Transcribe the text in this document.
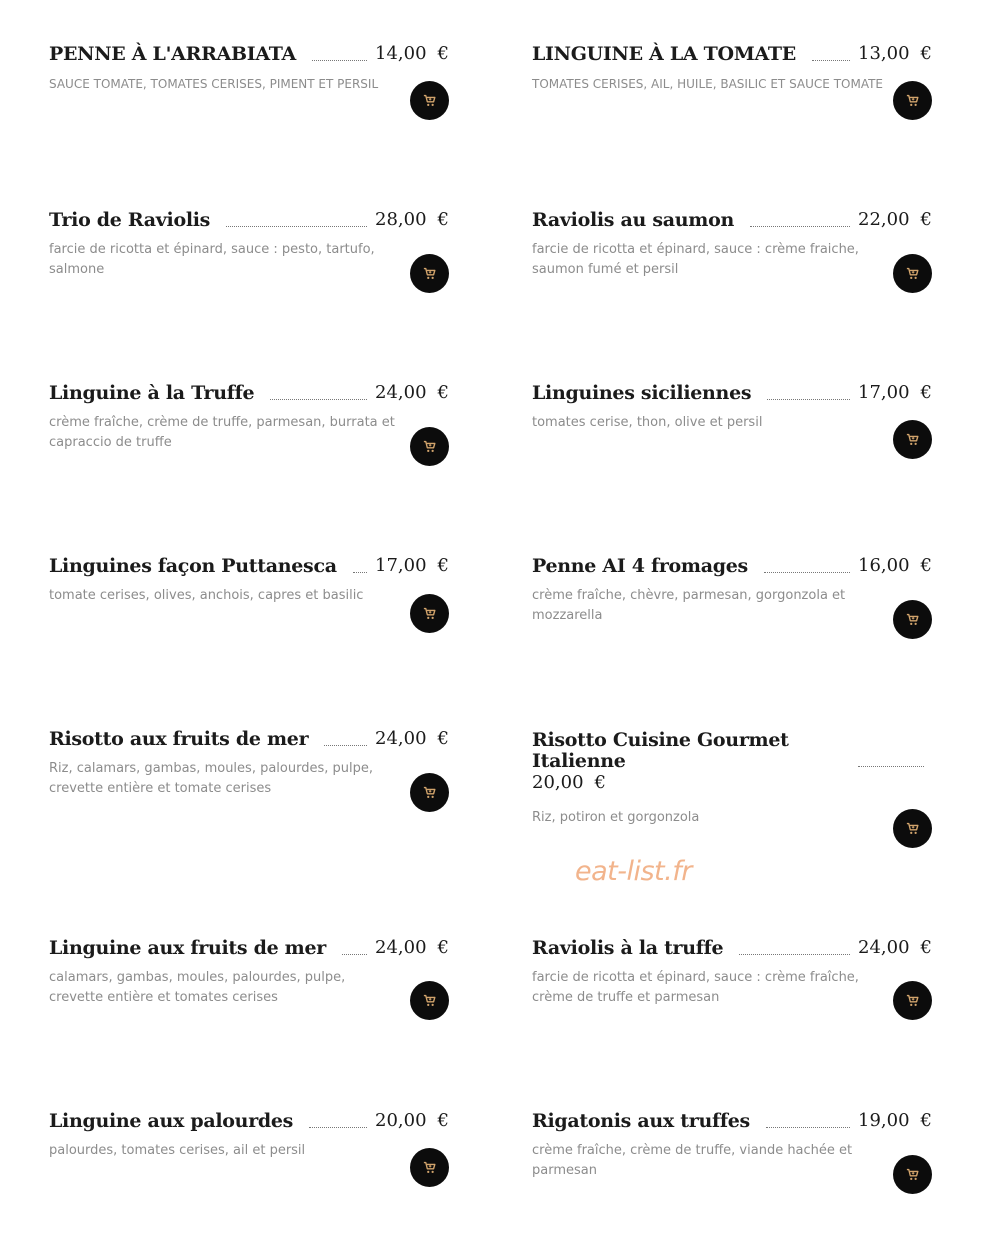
PENNE À L'ARRABIATA	14,00 €
SAUCE TOMATE, TOMATES CERISES, PIMENT ET PERSIL
LINGUINE À LA TOMATE	13,00 €
TOMATES CERISES, AIL, HUILE, BASILIC ET SAUCE TOMATE
Trio de Raviolis	28,00 €
farcie de ricotta et épinard, sauce : pesto, tartufo, salmone
Raviolis au saumon	22,00 €
farcie de ricotta et épinard, sauce : crème fraiche, saumon fumé et persil
Linguine à la Truffe	24,00 €
crème fraîche, crème de truffe, parmesan, burrata et capraccio de truffe
Linguines siciliennes	17,00 €
tomates cerise, thon, olive et persil
Linguines façon Puttanesca 17,00 €
tomate cerises, olives, anchois, capres et basilic
Penne AI 4 fromages	16,00 €
crème fraîche, chèvre, parmesan, gorgonzola et mozzarella
Risotto aux fruits de mer	24,00 €
Riz, calamars, gambas, moules, palourdes, pulpe, crevette entière et tomate cerises
Risotto Cuisine Gourmet Italienne
20,00 €
Riz, potiron et gorgonzola
eat-list.fr
Linguine aux fruits de mer	24,00 €
calamars, gambas, moules, palourdes, pulpe, crevette entière et tomates cerises
Raviolis à la truffe	24,00 €
farcie de ricotta et épinard, sauce : crème fraîche, crème de truffe et parmesan
Linguine aux palourdes	20,00 €
palourdes, tomates cerises, ail et persil
Rigatonis aux truffes	19,00 €
crème fraîche, crème de truffe, viande hachée et parmesan
